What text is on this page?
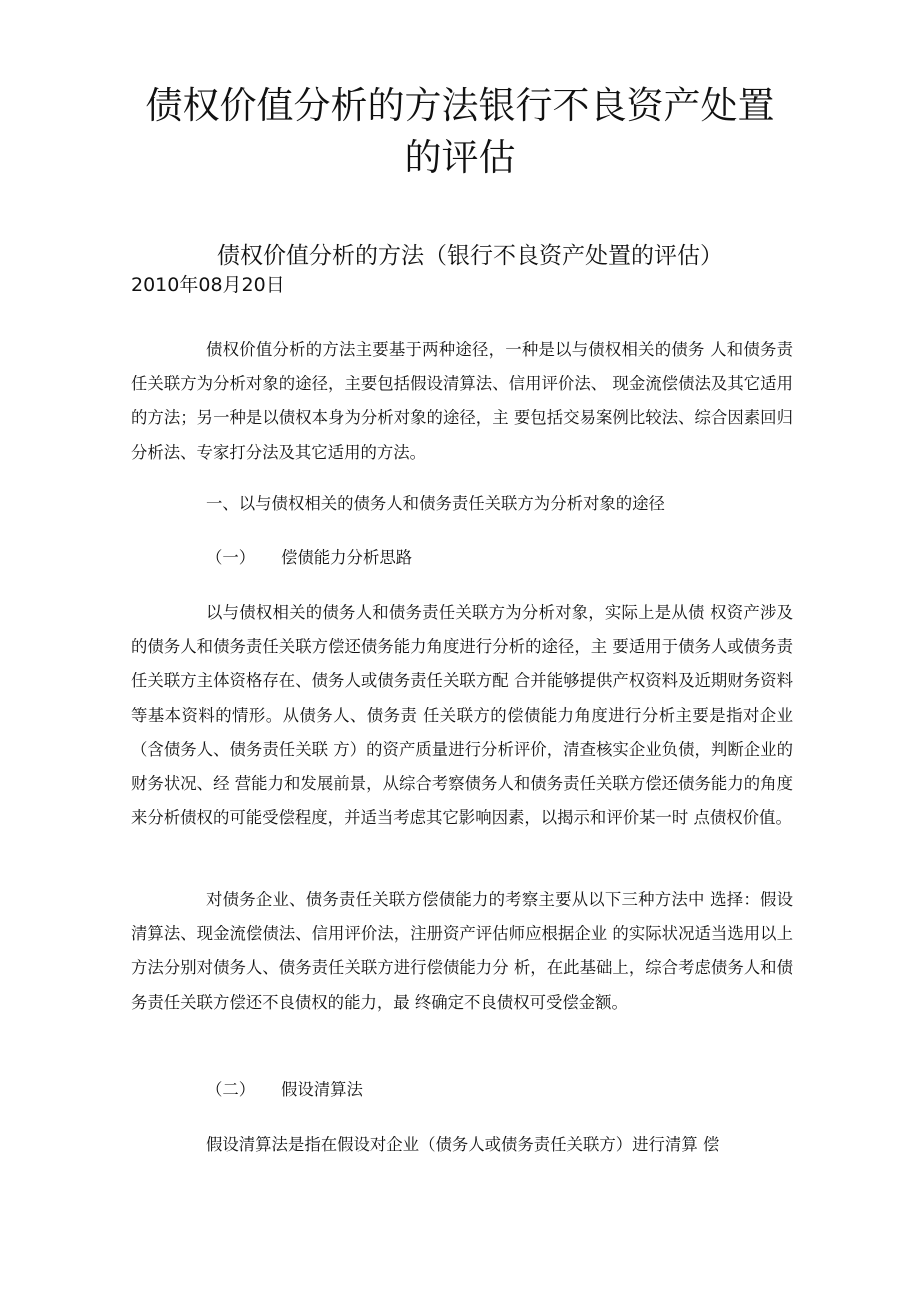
债权价值分析的方法银行不良资产处置的评估
债权价值分析的方法（银行不良资产处置的评估）

2010年08月20日

债权价值分析的方法主要基于两种途径，一种是以与债权相关的债务 人和债务责任关联方为分析对象的途径，主要包括假设清算法、信用评价法、 现金流偿债法及其它适用的方法；另一种是以债权本身为分析对象的途径，主 要包括交易案例比较法、综合因素回归分析法、专家打分法及其它适用的方法。

一、以与债权相关的债务人和债务责任关联方为分析对象的途径

（一） 偿债能力分析思路

以与债权相关的债务人和债务责任关联方为分析对象，实际上是从债 权资产涉及的债务人和债务责任关联方偿还债务能力角度进行分析的途径，主 要适用于债务人或债务责任关联方主体资格存在、债务人或债务责任关联方配 合并能够提供产权资料及近期财务资料等基本资料的情形。从债务人、债务责 任关联方的偿债能力角度进行分析主要是指对企业（含债务人、债务责任关联 方）的资产质量进行分析评价，清查核实企业负债，判断企业的财务状况、经 营能力和发展前景，从综合考察债务人和债务责任关联方偿还债务能力的角度 来分析债权的可能受偿程度，并适当考虑其它影响因素，以揭示和评价某一时 点债权价值。

对债务企业、债务责任关联方偿债能力的考察主要从以下三种方法中 选择：假设清算法、现金流偿债法、信用评价法，注册资产评估师应根据企业 的实际状况适当选用以上方法分别对债务人、债务责任关联方进行偿债能力分 析，在此基础上，综合考虑债务人和债务责任关联方偿还不良债权的能力，最 终确定不良债权可受偿金额。

（二） 假设清算法

假设清算法是指在假设对企业（债务人或债务责任关联方）进行清算 偿
